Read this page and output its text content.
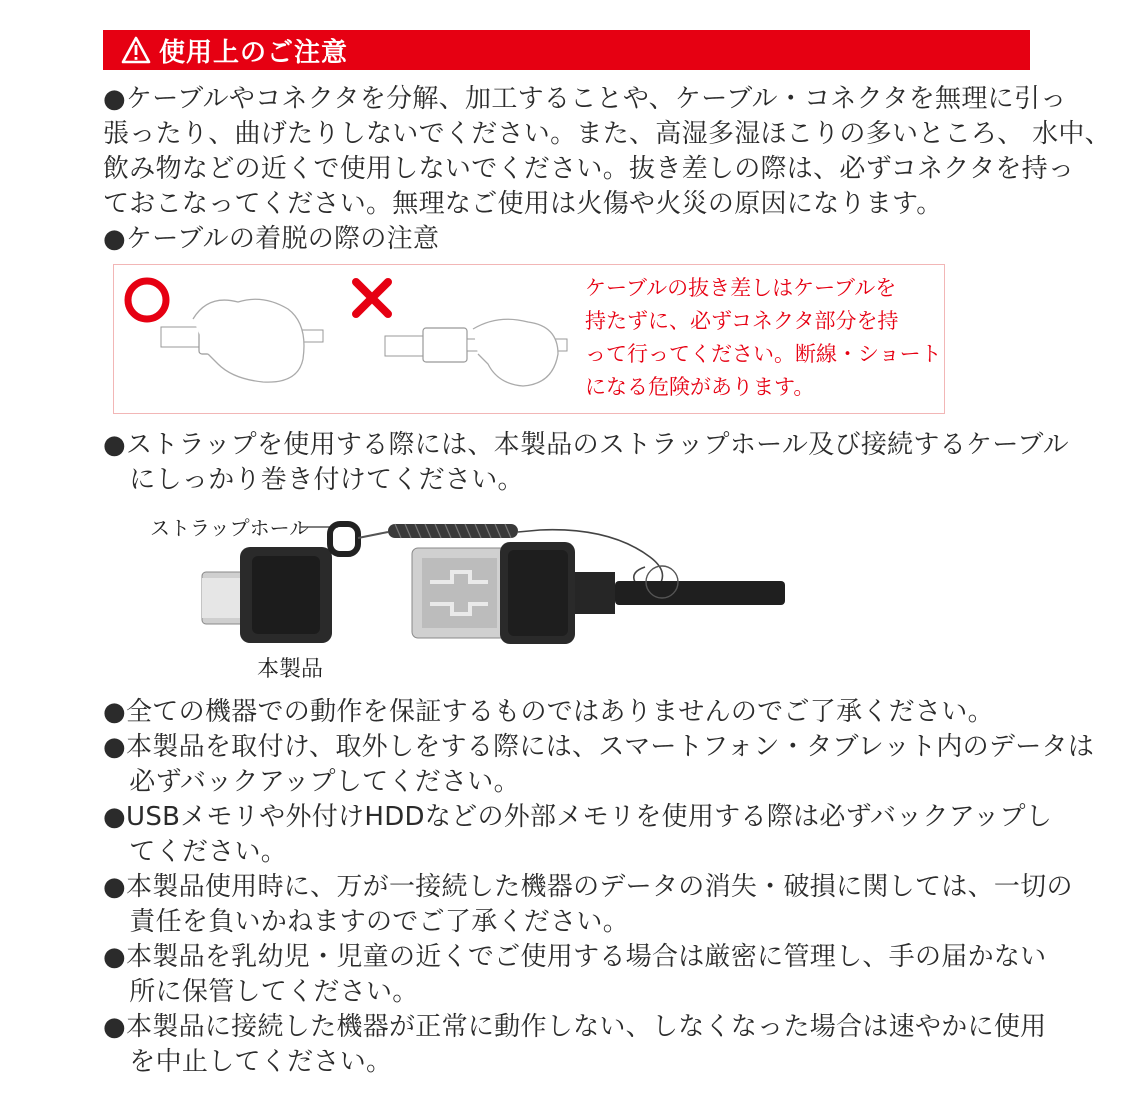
使用上のご注意
●ケーブルやコネクタを分解、加工することや、ケーブル・コネクタを無理に引っ
張ったり、曲げたりしないでください。また、高湿多湿ほこりの多いところ、 水中、
飲み物などの近くで使用しないでください。抜き差しの際は、必ずコネクタを持っ
ておこなってください。無理なご使用は火傷や火災の原因になります。
●ケーブルの着脱の際の注意
ケーブルの抜き差しはケーブルを
持たずに、必ずコネクタ部分を持
って行ってください。断線・ショート
になる危険があります。
●ストラップを使用する際には、本製品のストラップホール及び接続するケーブル
　にしっかり巻き付けてください。
ストラップホール
本製品
●全ての機器での動作を保証するものではありませんのでご了承ください。
●本製品を取付け、取外しをする際には、スマートフォン・タブレット内のデータは
　必ずバックアップしてください。
●USBメモリや外付けHDDなどの外部メモリを使用する際は必ずバックアップし
　てください。
●本製品使用時に、万が一接続した機器のデータの消失・破損に関しては、一切の
　責任を負いかねますのでご了承ください。
●本製品を乳幼児・児童の近くでご使用する場合は厳密に管理し、手の届かない
　所に保管してください。
●本製品に接続した機器が正常に動作しない、しなくなった場合は速やかに使用
　を中止してください。
